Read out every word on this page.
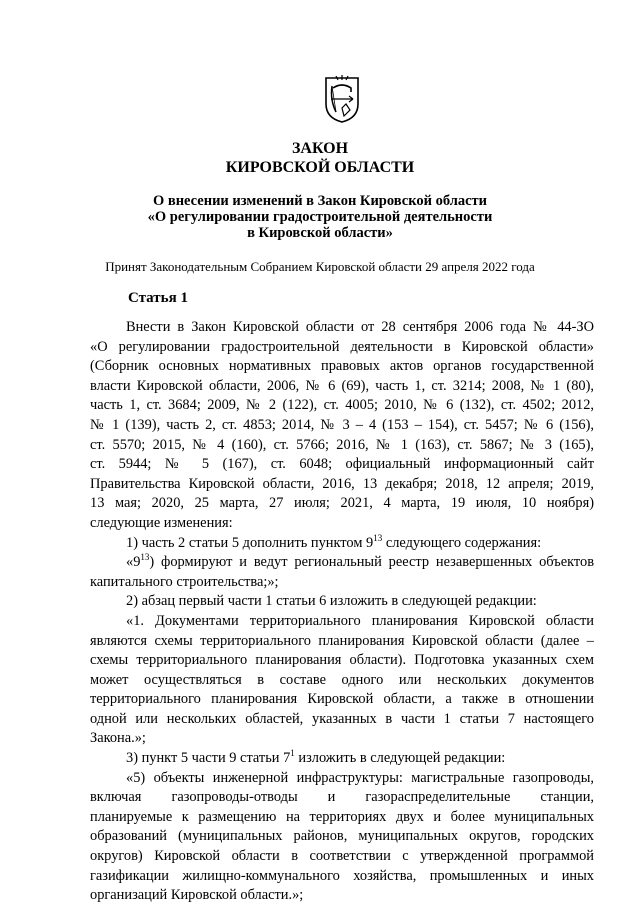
ЗАКОН
КИРОВСКОЙ ОБЛАСТИ
О внесении изменений в Закон Кировской области
«О регулировании градостроительной деятельности
в Кировской области»
Принят Законодательным Собранием Кировской области 29 апреля 2022 года
Статья 1
Внести в Закон Кировской области от 28 сентября 2006 года № 44-ЗО
«О регулировании градостроительной деятельности в Кировской области»
(Сборник основных нормативных правовых актов органов государственной
власти Кировской области, 2006, № 6 (69), часть 1, ст. 3214; 2008, № 1 (80),
часть 1, ст. 3684; 2009, № 2 (122), ст. 4005; 2010, № 6 (132), ст. 4502; 2012,
№ 1 (139), часть 2, ст. 4853; 2014, № 3 – 4 (153 – 154), ст. 5457; № 6 (156),
ст. 5570; 2015, № 4 (160), ст. 5766; 2016, № 1 (163), ст. 5867; № 3 (165),
ст. 5944; № 5 (167), ст. 6048; официальный информационный сайт
Правительства Кировской области, 2016, 13 декабря; 2018, 12 апреля; 2019,
13 мая; 2020, 25 марта, 27 июля; 2021, 4 марта, 19 июля, 10 ноября)
следующие изменения:
1) часть 2 статьи 5 дополнить пунктом $9^{13}$ следующего содержания:
«$9^{13}$) формируют и ведут региональный реестр незавершенных объектов
капитального строительства;»;
2) абзац первый части 1 статьи 6 изложить в следующей редакции:
«1. Документами территориального планирования Кировской области
являются схемы территориального планирования Кировской области (далее –
схемы территориального планирования области). Подготовка указанных схем
может осуществляться в составе одного или нескольких документов
территориального планирования Кировской области, а также в отношении
одной или нескольких областей, указанных в части 1 статьи 7 настоящего
Закона.»;
3) пункт 5 части 9 статьи $7^1$ изложить в следующей редакции:
«5) объекты инженерной инфраструктуры: магистральные газопроводы,
включая газопроводы-отводы и газораспределительные станции,
планируемые к размещению на территориях двух и более муниципальных
образований (муниципальных районов, муниципальных округов, городских
округов) Кировской области в соответствии с утвержденной программой
газификации жилищно-коммунального хозяйства, промышленных и иных
организаций Кировской области.»;
